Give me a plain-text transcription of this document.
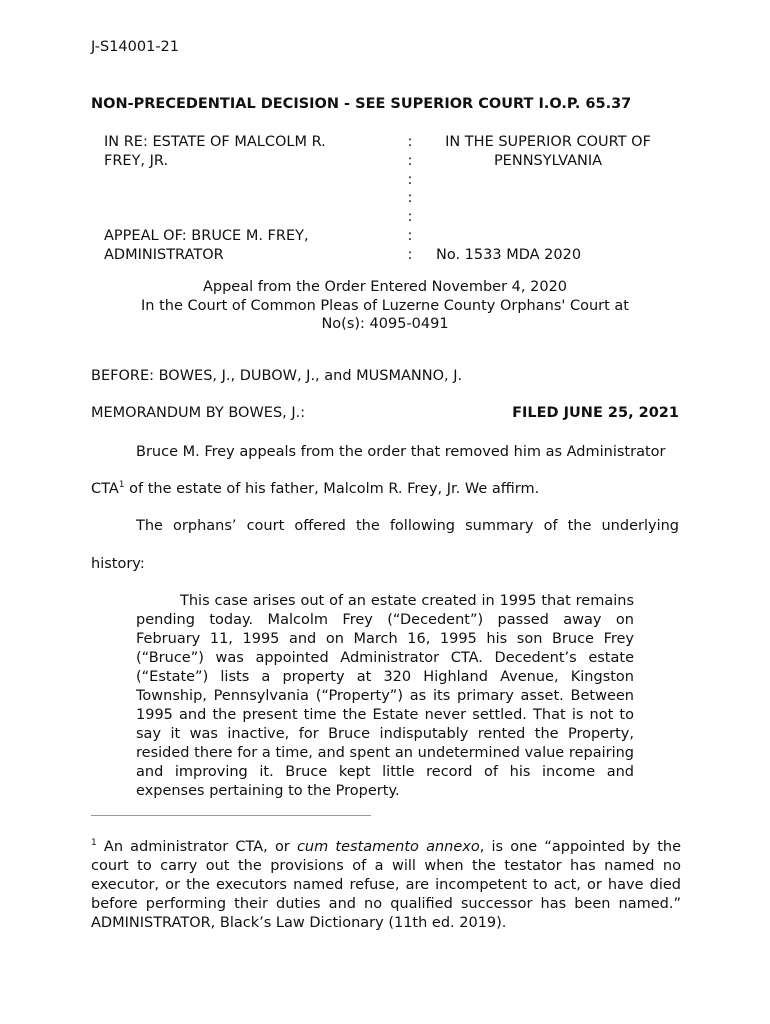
J-S14001-21
NON-PRECEDENTIAL DECISION - SEE SUPERIOR COURT I.O.P. 65.37
IN RE: ESTATE OF MALCOLM R.
FREY, JR.
APPEAL OF: BRUCE M. FREY,
ADMINISTRATOR
:
:
:
:
:
:
:
IN THE SUPERIOR COURT OF
PENNSYLVANIA
No. 1533 MDA 2020
Appeal from the Order Entered November 4, 2020
In the Court of Common Pleas of Luzerne County Orphans' Court at
No(s): 4095-0491
BEFORE: BOWES, J., DUBOW, J., and MUSMANNO, J.
MEMORANDUM BY BOWES, J.:	FILED JUNE 25, 2021
Bruce M. Frey appeals from the order that removed him as Administrator
CTA$^1$ of the estate of his father, Malcolm R. Frey, Jr. We affirm.
The orphans’ court offered the following summary of the underlying
history:

This case arises out of an estate created in 1995 that remains pending today. Malcolm Frey (“Decedent”) passed away on February 11, 1995 and on March 16, 1995 his son Bruce Frey (“Bruce”) was appointed Administrator CTA. Decedent’s estate (“Estate”) lists a property at 320 Highland Avenue, Kingston Township, Pennsylvania (“Property”) as its primary asset. Between 1995 and the present time the Estate never settled. That is not to say it was inactive, for Bruce indisputably rented the Property, resided there for a time, and spent an undetermined value repairing and improving it. Bruce kept little record of his income and expenses pertaining to the Property.

$^1$ An administrator CTA, or cum testamento annexo, is one “appointed by the court to carry out the provisions of a will when the testator has named no executor, or the executors named refuse, are incompetent to act, or have died before performing their duties and no qualified successor has been named.” ADMINISTRATOR, Black’s Law Dictionary (11th ed. 2019).
